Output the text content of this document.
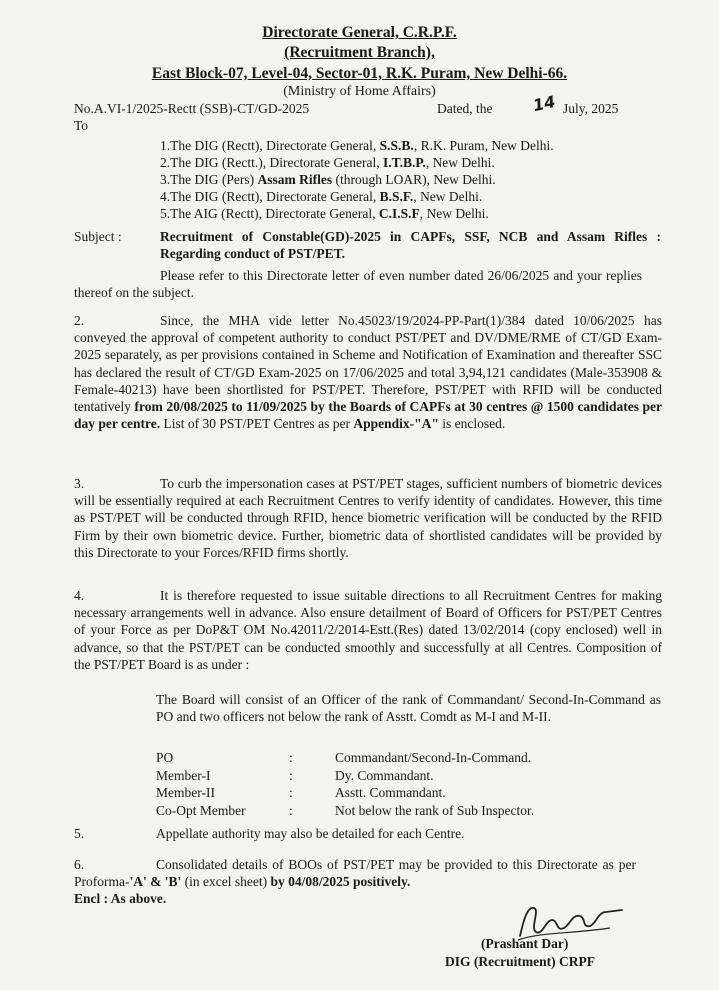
Directorate General, C.R.P.F.
(Recruitment Branch),
East Block-07, Level-04, Sector-01, R.K. Puram, New Delhi-66.
(Ministry of Home Affairs)
No.A.VI-1/2025-Rectt (SSB)-CT/GD-2025	Dated, the 14 July, 2025
To
1.The DIG (Rectt), Directorate General, S.S.B., R.K. Puram, New Delhi.
2.The DIG (Rectt.), Directorate General, I.T.B.P., New Delhi.
3.The DIG (Pers) Assam Rifles (through LOAR), New Delhi.
4.The DIG (Rectt), Directorate General, B.S.F., New Delhi.
5.The AIG (Rectt), Directorate General, C.I.S.F, New Delhi.
Subject :	Recruitment of Constable(GD)-2025 in CAPFs, SSF, NCB and Assam Rifles : Regarding conduct of PST/PET.
Please refer to this Directorate letter of even number dated 26/06/2025 and your replies thereof on the subject.
2.	Since, the MHA vide letter No.45023/19/2024-PP-Part(1)/384 dated 10/06/2025 has conveyed the approval of competent authority to conduct PST/PET and DV/DME/RME of CT/GD Exam-2025 separately, as per provisions contained in Scheme and Notification of Examination and thereafter SSC has declared the result of CT/GD Exam-2025 on 17/06/2025 and total 3,94,121 candidates (Male-353908 & Female-40213) have been shortlisted for PST/PET. Therefore, PST/PET with RFID will be conducted tentatively from 20/08/2025 to 11/09/2025 by the Boards of CAPFs at 30 centres @ 1500 candidates per day per centre. List of 30 PST/PET Centres as per Appendix-"A" is enclosed.
3.	To curb the impersonation cases at PST/PET stages, sufficient numbers of biometric devices will be essentially required at each Recruitment Centres to verify identity of candidates. However, this time as PST/PET will be conducted through RFID, hence biometric verification will be conducted by the RFID Firm by their own biometric device. Further, biometric data of shortlisted candidates will be provided by this Directorate to your Forces/RFID firms shortly.
4.	It is therefore requested to issue suitable directions to all Recruitment Centres for making necessary arrangements well in advance. Also ensure detailment of Board of Officers for PST/PET Centres of your Force as per DoP&T OM No.42011/2/2014-Estt.(Res) dated 13/02/2014 (copy enclosed) well in advance, so that the PST/PET can be conducted smoothly and successfully at all Centres. Composition of the PST/PET Board is as under :
The Board will consist of an Officer of the rank of Commandant/ Second-In-Command as PO and two officers not below the rank of Asstt. Comdt as M-I and M-II.
PO	:	Commandant/Second-In-Command.
Member-I	:	Dy. Commandant.
Member-II	:	Asstt. Commandant.
Co-Opt Member	:	Not below the rank of Sub Inspector.
5.	Appellate authority may also be detailed for each Centre.
6.	Consolidated details of BOOs of PST/PET may be provided to this Directorate as per Proforma-'A' & 'B' (in excel sheet) by 04/08/2025 positively.
Encl : As above.
(Prashant Dar)
DIG (Recruitment) CRPF
